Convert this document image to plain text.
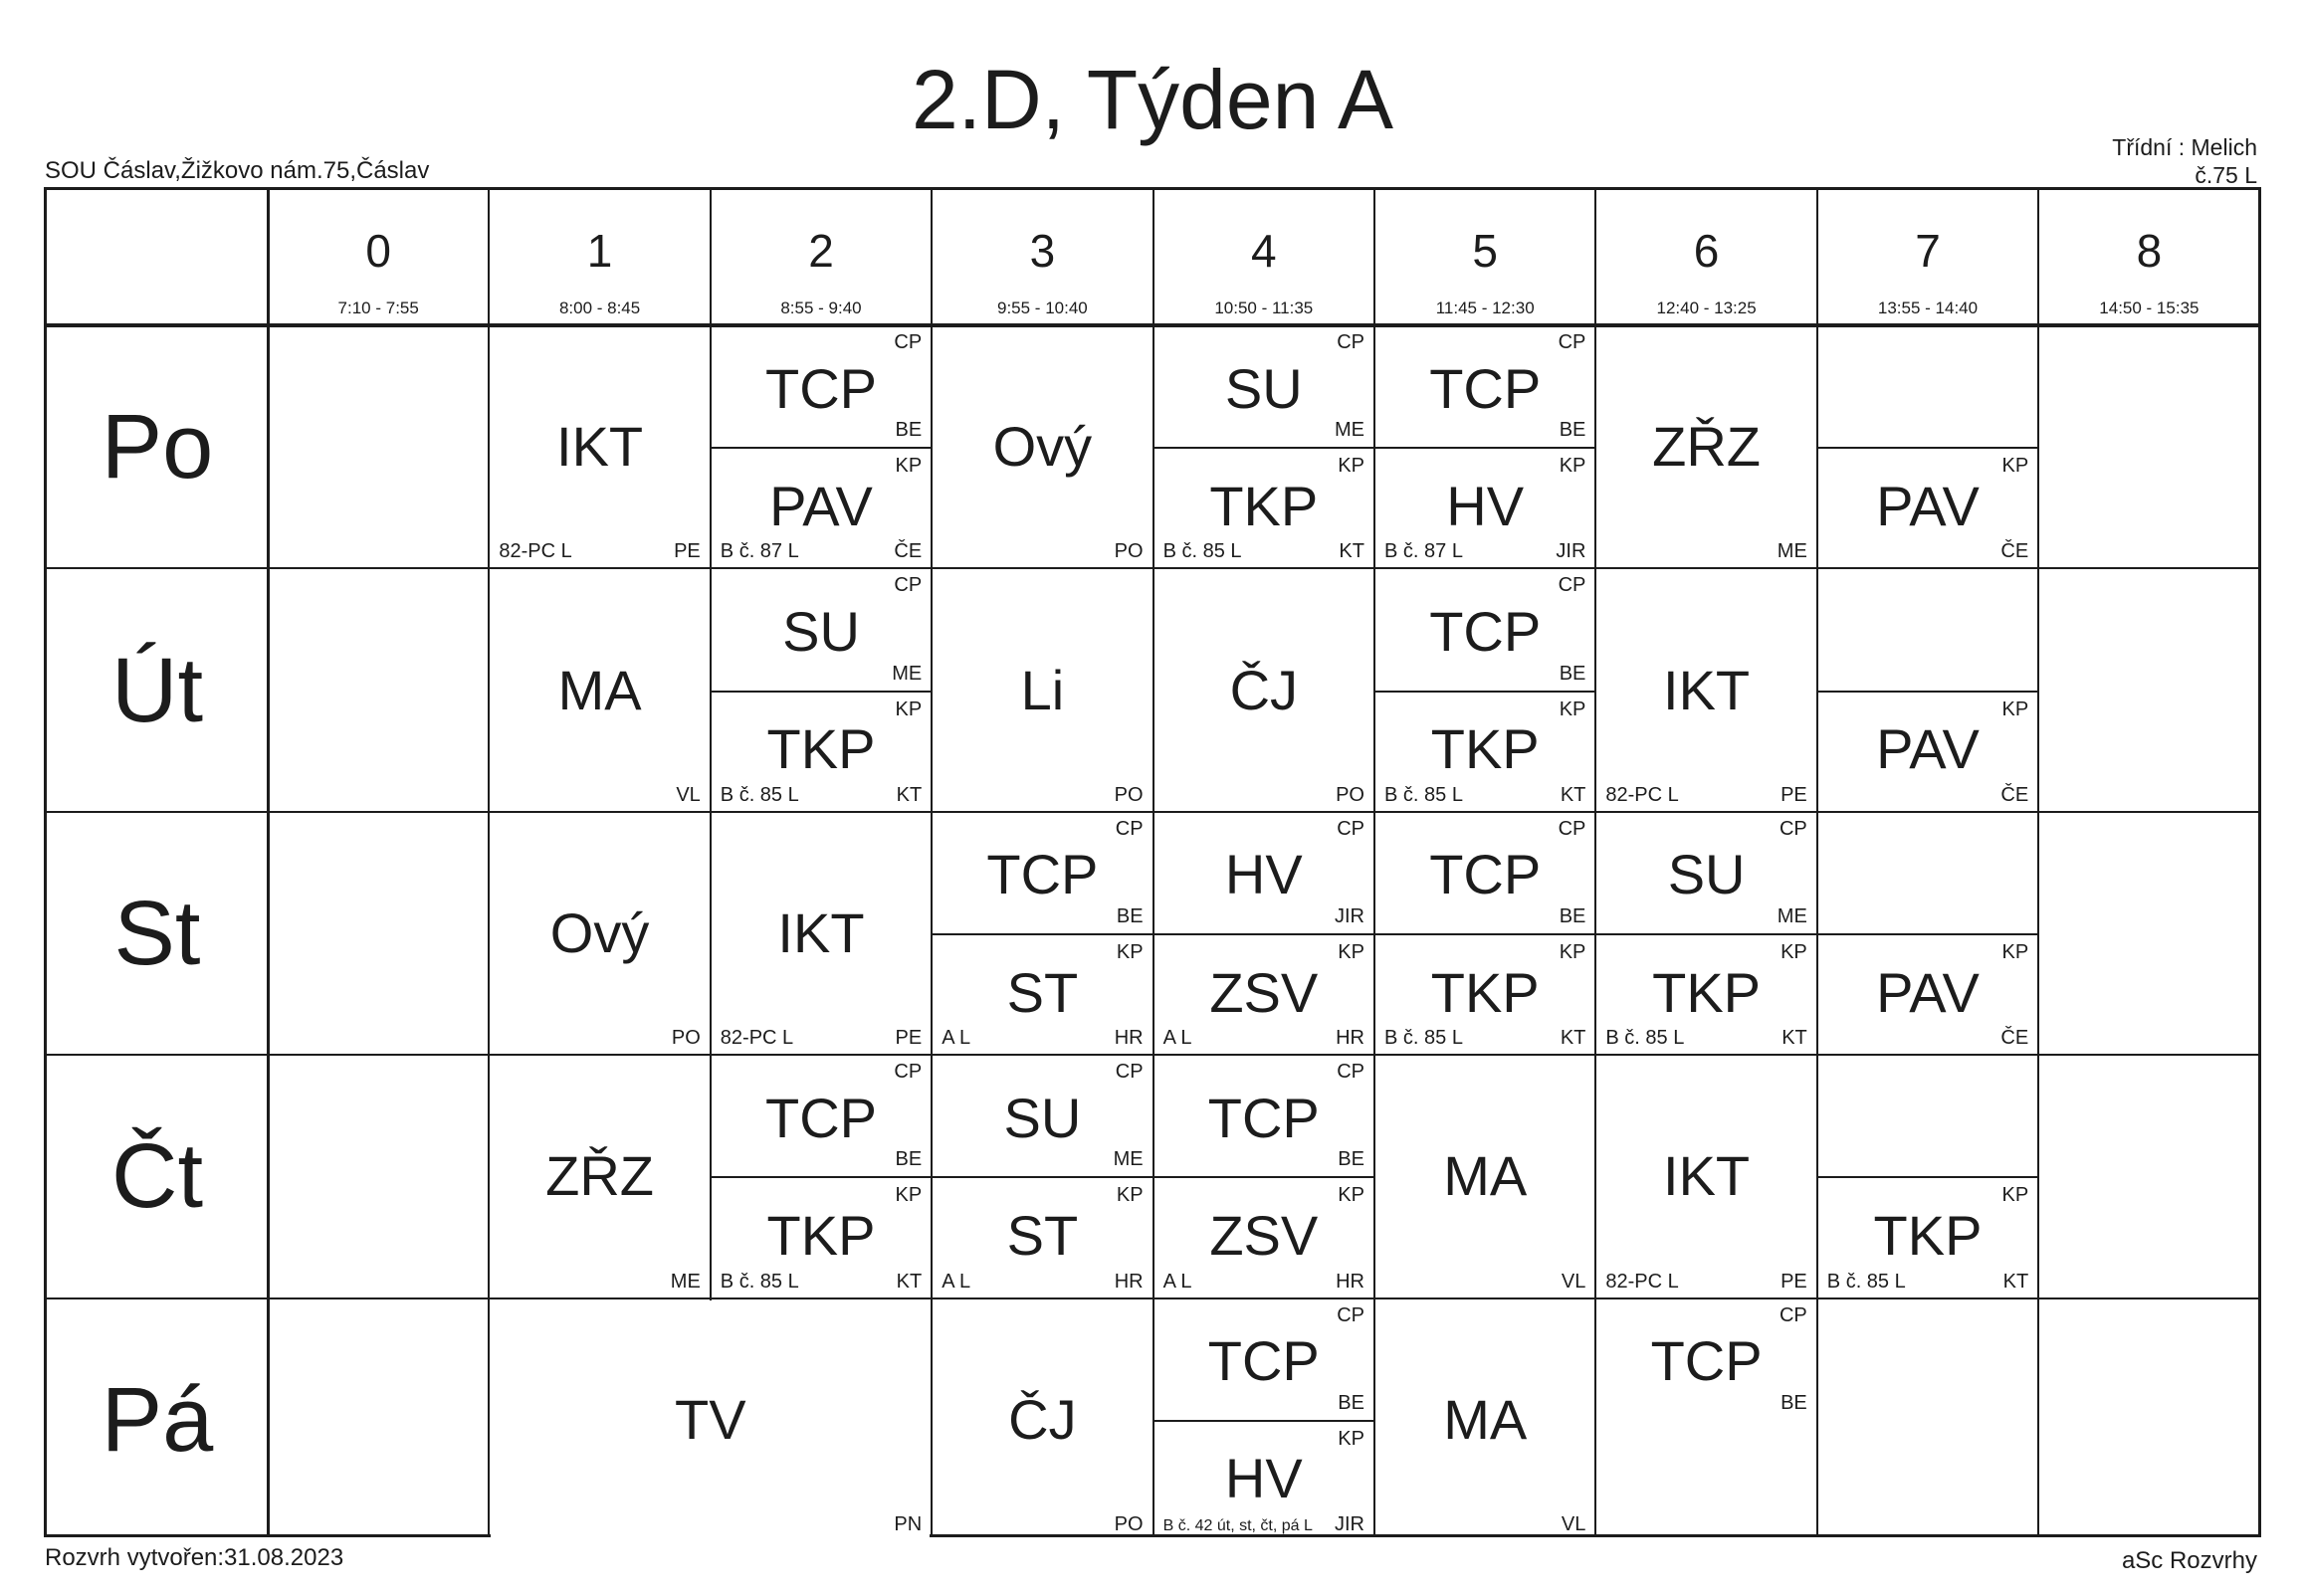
2.D, Týden A
SOU Čáslav,Žižkovo nám.75,Čáslav
Třídní : Melich
č.75 L
0
7:10 - 7:55
1
8:00 - 8:45
2
8:55 - 9:40
3
9:55 - 10:40
4
10:50 - 11:35
5
11:45 - 12:30
6
12:40 - 13:25
7
13:55 - 14:40
8
14:50 - 15:35
Po
Út
St
Čt
Pá
IKT
PE
82-PC L
TCP
CP
BE
PAV
KP
ČE
B č. 87 L
Ový
PO
SU
CP
ME
TKP
KP
KT
B č. 85 L
TCP
CP
BE
HV
KP
JIR
B č. 87 L
ZŘZ
ME
PAV
KP
ČE
MA
VL
SU
CP
ME
TKP
KP
KT
B č. 85 L
Li
PO
ČJ
PO
TCP
CP
BE
TKP
KP
KT
B č. 85 L
IKT
PE
82-PC L
PAV
KP
ČE
Ový
PO
IKT
PE
82-PC L
TCP
CP
BE
ST
KP
HR
A L
HV
CP
JIR
ZSV
KP
HR
A L
TCP
CP
BE
TKP
KP
KT
B č. 85 L
SU
CP
ME
TKP
KP
KT
B č. 85 L
PAV
KP
ČE
ZŘZ
ME
TCP
CP
BE
TKP
KP
KT
B č. 85 L
SU
CP
ME
ST
KP
HR
A L
TCP
CP
BE
ZSV
KP
HR
A L
MA
VL
IKT
PE
82-PC L
TKP
KP
KT
B č. 85 L
TV
PN
ČJ
PO
TCP
CP
BE
HV
KP
JIR
B č. 42 út, st, čt, pá L
MA
VL
TCP
CP
BE
Rozvrh vytvořen:31.08.2023	aSc Rozvrhy
